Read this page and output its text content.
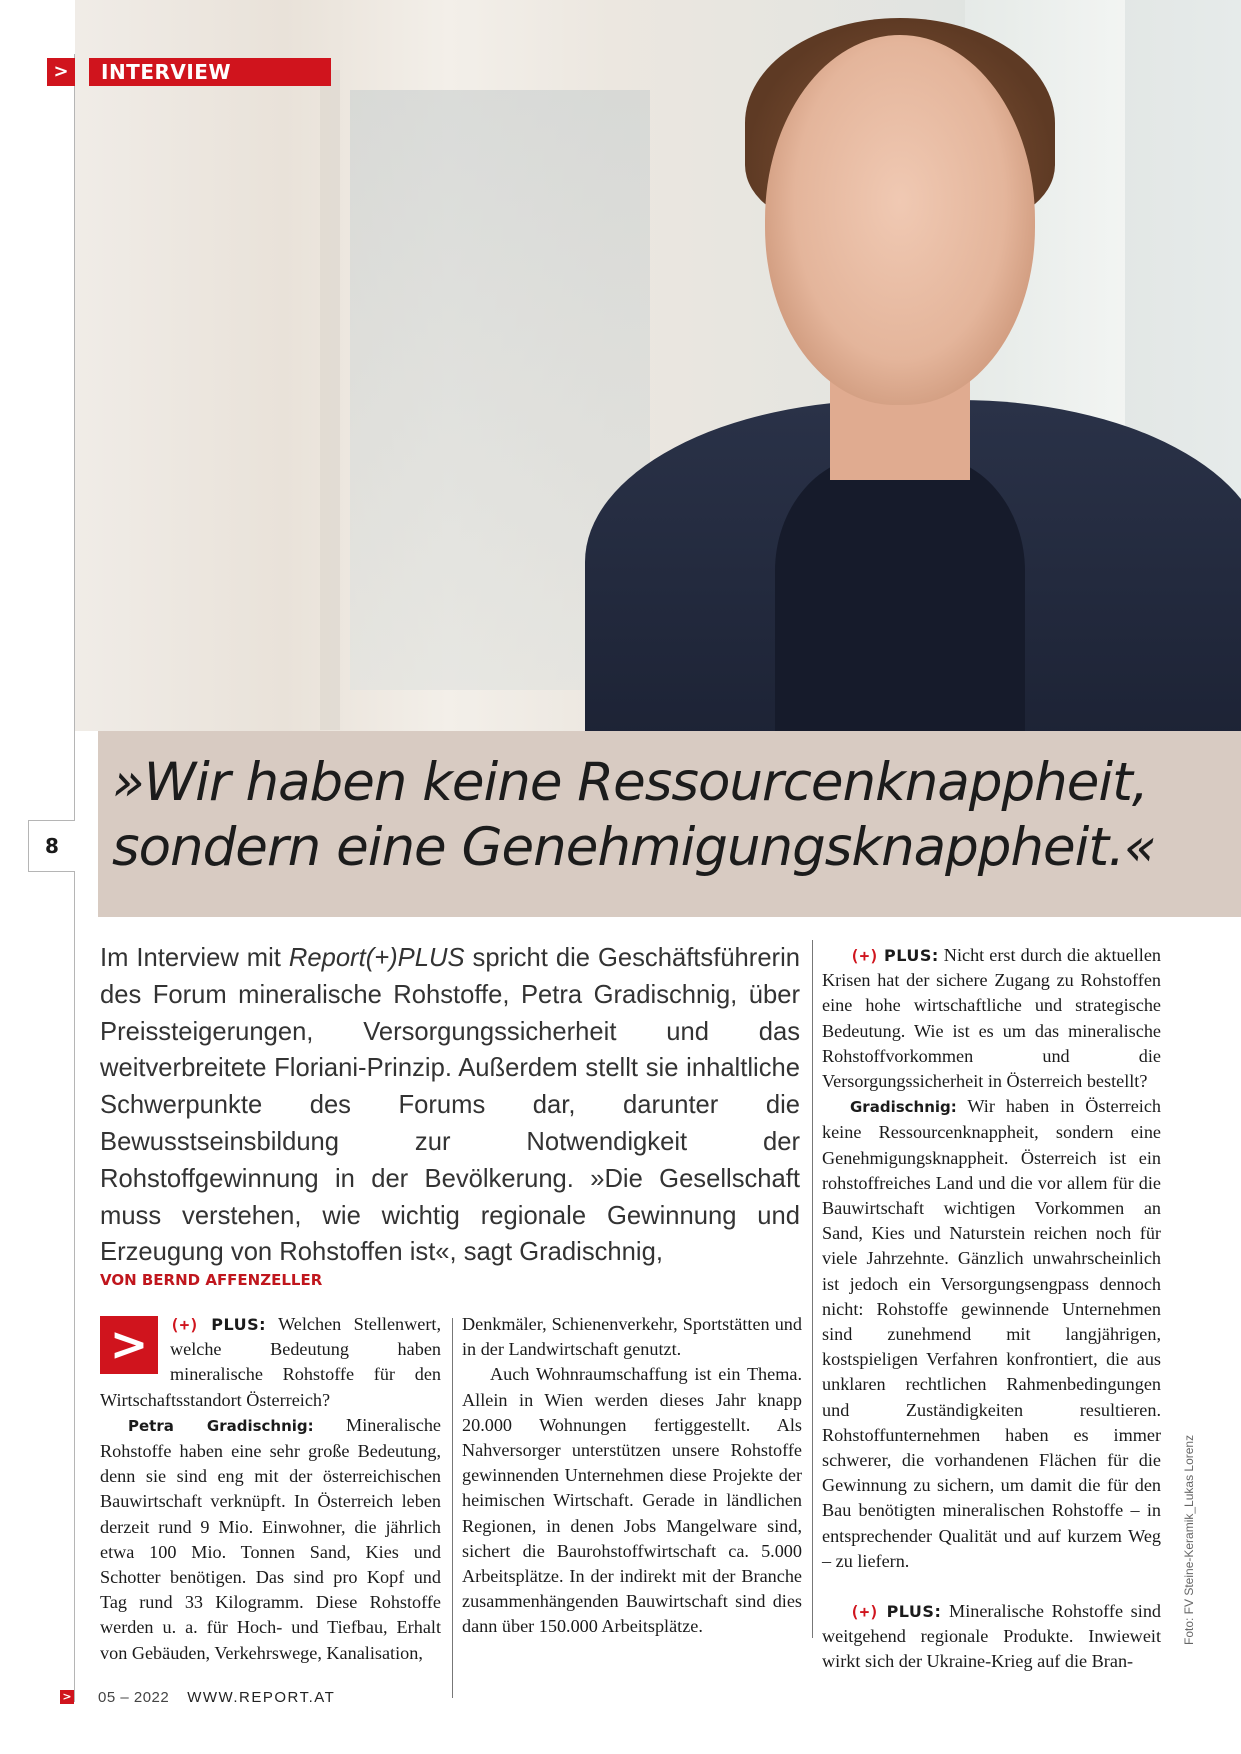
>	INTERVIEW
»Wir haben keine Ressourcenknappheit,
sondern eine Genehmigungsknappheit.«
8
Im Interview mit Report(+)PLUS spricht die Geschäftsführerin des Forum mineralische Rohstoffe, Petra Gradischnig, über Preissteigerungen, Versorgungssicherheit und das weitverbreitete Floriani-Prinzip. Außerdem stellt sie inhaltliche Schwerpunkte des Forums dar, darunter die Bewusstseinsbildung zur Notwendigkeit der Rohstoffgewinnung in der Bevölkerung. »Die Gesellschaft muss verstehen, wie wichtig regionale Gewinnung und Erzeugung von Rohstoffen ist«, sagt Gradischnig,
VON BERND AFFENZELLER

>	(+) PLUS: Welchen Stellenwert, welche Bedeutung haben mineralische Rohstoffe für den Wirtschaftsstandort Österreich?

Petra Gradischnig: Mineralische Rohstoffe haben eine sehr große Bedeutung, denn sie sind eng mit der österreichischen Bauwirtschaft verknüpft. In Österreich leben derzeit rund 9 Mio. Einwohner, die jährlich etwa 100 Mio. Tonnen Sand, Kies und Schotter benötigen. Das sind pro Kopf und Tag rund 33 Kilogramm. Diese Rohstoffe werden u. a. für Hoch- und Tiefbau, Erhalt von Gebäuden, Verkehrswege, Kanalisation,

Denkmäler, Schienenverkehr, Sportstätten und in der Landwirtschaft genutzt.

Auch Wohnraumschaffung ist ein Thema. Allein in Wien werden dieses Jahr knapp 20.000 Wohnungen fertiggestellt. Als Nahversorger unterstützen unsere Rohstoffe gewinnenden Unternehmen diese Projekte der heimischen Wirtschaft. Gerade in ländlichen Regionen, in denen Jobs Mangelware sind, sichert die Baurohstoffwirtschaft ca. 5.000 Arbeitsplätze. In der indirekt mit der Branche zusammenhängenden Bauwirtschaft sind dies dann über 150.000 Arbeitsplätze.

(+) PLUS: Nicht erst durch die aktuellen Krisen hat der sichere Zugang zu Rohstoffen eine hohe wirtschaftliche und strategische Bedeutung. Wie ist es um das mineralische Rohstoffvorkommen und die Versorgungssicherheit in Österreich bestellt?

Gradischnig: Wir haben in Österreich keine Ressourcenknappheit, sondern eine Genehmigungsknappheit. Österreich ist ein rohstoffreiches Land und die vor allem für die Bauwirtschaft wichtigen Vorkommen an Sand, Kies und Naturstein reichen noch für viele Jahrzehnte. Gänzlich unwahrscheinlich ist jedoch ein Versorgungsengpass dennoch nicht: Rohstoffe gewinnende Unternehmen sind zunehmend mit langjährigen, kostspieligen Verfahren konfrontiert, die aus unklaren rechtlichen Rahmenbedingungen und Zuständigkeiten resultieren. Rohstoffunternehmen haben es immer schwerer, die vorhandenen Flächen für die Gewinnung zu sichern, um damit die für den Bau benötigten mineralischen Rohstoffe – in entsprechender Qualität und auf kurzem Weg – zu liefern.

(+) PLUS: Mineralische Rohstoffe sind weitgehend regionale Produkte. Inwieweit wirkt sich der Ukraine-Krieg auf die Bran-

Foto: FV Steine-Keramik_Lukas Lorenz
> 05 – 2022 WWW.REPORT.AT
